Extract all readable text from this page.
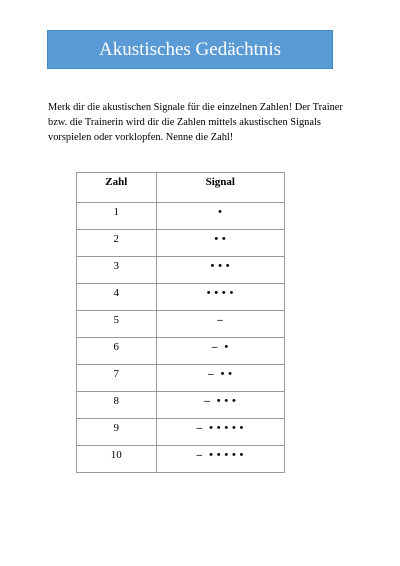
Akustisches Gedächtnis

Merk dir die akustischen Signale für die einzelnen Zahlen! Der Trainer bzw. die Trainerin wird dir die Zahlen mittels akustischen Signals vorspielen oder vorklopfen. Nenne die Zahl!

Zahl	Signal
1	•
2	• •
3	• • •
4	• • • •
5	–
6	–  •
7	–  • •
8	–  • • •
9	–  • • • • •
10	–  • • • • •
